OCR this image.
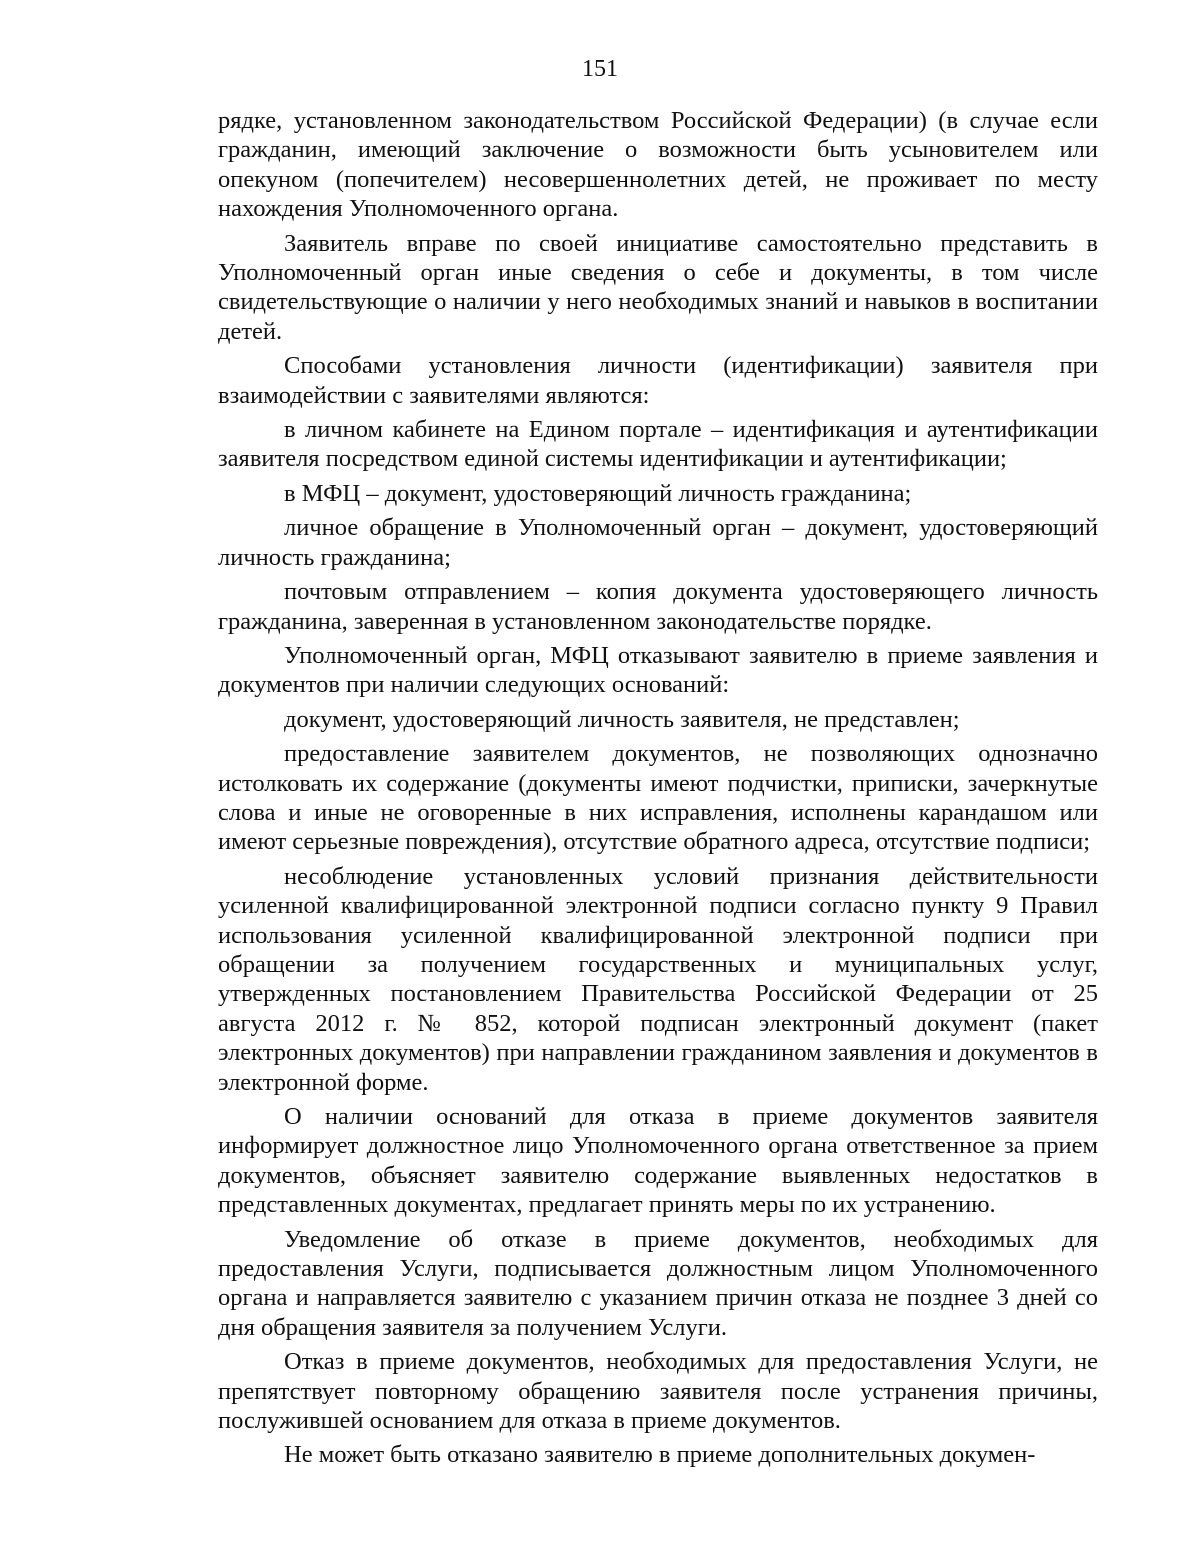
151

рядке, установленном законодательством Российской Федерации) (в случае если гражданин, имеющий заключение о возможности быть усыновителем или опекуном (попечителем) несовершеннолетних детей, не проживает по месту нахождения Уполномоченного органа.

Заявитель вправе по своей инициативе самостоятельно представить в Уполномоченный орган иные сведения о себе и документы, в том числе свидетельствующие о наличии у него необходимых знаний и навыков в воспитании детей.

Способами установления личности (идентификации) заявителя при взаимодействии с заявителями являются:

в личном кабинете на Едином портале – идентификация и аутентификации заявителя посредством единой системы идентификации и аутентификации;

в МФЦ – документ, удостоверяющий личность гражданина;

личное обращение в Уполномоченный орган – документ, удостоверяющий личность гражданина;

почтовым отправлением – копия документа удостоверяющего личность гражданина, заверенная в установленном законодательстве порядке.

Уполномоченный орган, МФЦ отказывают заявителю в приеме заявления и документов при наличии следующих оснований:

документ, удостоверяющий личность заявителя, не представлен;

предоставление заявителем документов, не позволяющих однозначно истолковать их содержание (документы имеют подчистки, приписки, зачеркнутые слова и иные не оговоренные в них исправления, исполнены карандашом или имеют серьезные повреждения), отсутствие обратного адреса, отсутствие подписи;

несоблюдение установленных условий признания действительности усиленной квалифицированной электронной подписи согласно пункту 9 Правил использования усиленной квалифицированной электронной подписи при обращении за получением государственных и муниципальных услуг, утвержденных постановлением Правительства Российской Федерации от 25 августа 2012 г. № 852, которой подписан электронный документ (пакет электронных документов) при направлении гражданином заявления и документов в электронной форме.

О наличии оснований для отказа в приеме документов заявителя информирует должностное лицо Уполномоченного органа ответственное за прием документов, объясняет заявителю содержание выявленных недостатков в представленных документах, предлагает принять меры по их устранению.

Уведомление об отказе в приеме документов, необходимых для предоставления Услуги, подписывается должностным лицом Уполномоченного органа и направляется заявителю с указанием причин отказа не позднее 3 дней со дня обращения заявителя за получением Услуги.

Отказ в приеме документов, необходимых для предоставления Услуги, не препятствует повторному обращению заявителя после устранения причины, послужившей основанием для отказа в приеме документов.

Не может быть отказано заявителю в приеме дополнительных докумен-
